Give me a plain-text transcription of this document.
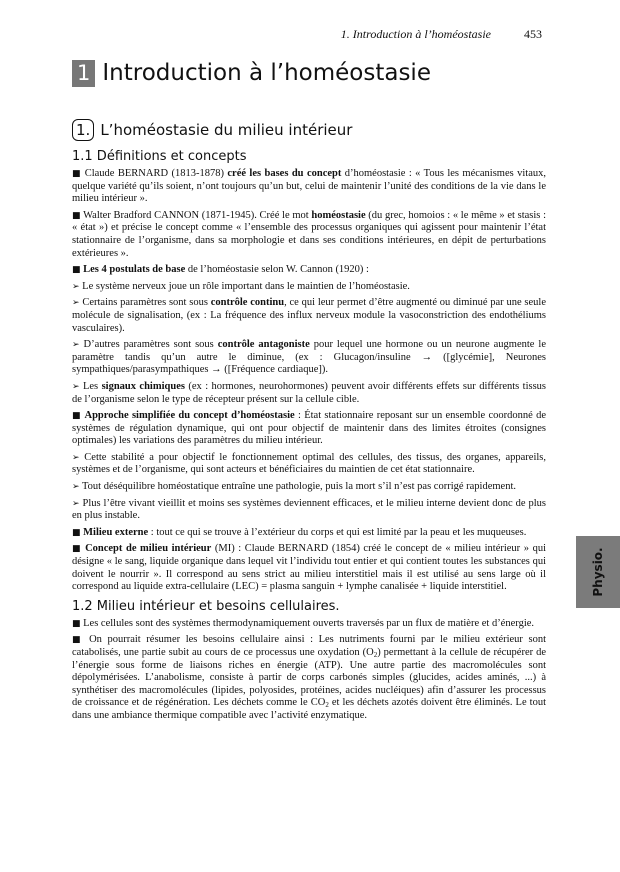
1. Introduction à l’homéostasie	453
1 Introduction à l’homéostasie
1. L’homéostasie du milieu intérieur
1.1 Définitions et concepts

■ Claude BERNARD (1813-1878) créé les bases du concept d’homéostasie : « Tous les mécanismes vitaux, quelque variété qu’ils soient, n’ont toujours qu’un but, celui de maintenir l’unité des conditions de la vie dans le milieu intérieur ».

■ Walter Bradford CANNON (1871-1945). Créé le mot homéostasie (du grec, homoios : « le même » et stasis : « état ») et précise le concept comme « l’ensemble des processus organiques qui agissent pour maintenir l’état stationnaire de l’organisme, dans sa morphologie et dans ses conditions intérieures, en dépit de perturbations extérieures ».

■ Les 4 postulats de base de l’homéostasie selon W. Cannon (1920) :

➢ Le système nerveux joue un rôle important dans le maintien de l’homéostasie.

➢ Certains paramètres sont sous contrôle continu, ce qui leur permet d’être augmenté ou diminué par une seule molécule de signalisation, (ex : La fréquence des influx nerveux module la vasoconstriction des endothéliums vasculaires).

➢ D’autres paramètres sont sous contrôle antagoniste pour lequel une hormone ou un neurone augmente le paramètre tandis qu’un autre le diminue, (ex : Glucagon/insuline → ([glycémie], Neurones sympathiques/parasympathiques → ([Fréquence cardiaque]).

➢ Les signaux chimiques (ex : hormones, neurohormones) peuvent avoir différents effets sur différents tissus de l’organisme selon le type de récepteur présent sur la cellule cible.

■ Approche simplifiée du concept d’homéostasie : État stationnaire reposant sur un ensemble coordonné de systèmes de régulation dynamique, qui ont pour objectif de maintenir dans des limites étroites (consignes optimales) les variations des paramètres du milieu intérieur.

➢ Cette stabilité a pour objectif le fonctionnement optimal des cellules, des tissus, des organes, appareils, systèmes et de l’organisme, qui sont acteurs et bénéficiaires du maintien de cet état stationnaire.

➢ Tout déséquilibre homéostatique entraîne une pathologie, puis la mort s’il n’est pas corrigé rapidement.

➢ Plus l’être vivant vieillit et moins ses systèmes deviennent efficaces, et le milieu interne devient donc de plus en plus instable.

■ Milieu externe : tout ce qui se trouve à l’extérieur du corps et qui est limité par la peau et les muqueuses.

■ Concept de milieu intérieur (MI) : Claude BERNARD (1854) créé le concept de « milieu intérieur » qui désigne « le sang, liquide organique dans lequel vit l’individu tout entier et qui contient toutes les substances qui doivent le nourrir ». Il correspond au sens strict au milieu interstitiel mais il est utilisé au sens large où il correspond au liquide extra-cellulaire (LEC) = plasma sanguin + lymphe canalisée + liquide interstitiel.

1.2 Milieu intérieur et besoins cellulaires.

■ Les cellules sont des systèmes thermodynamiquement ouverts traversés par un flux de matière et d’énergie.

■ On pourrait résumer les besoins cellulaire ainsi : Les nutriments fourni par le milieu extérieur sont catabolisés, une partie subit au cours de ce processus une oxydation $(O_2)$ permettant à la cellule de récupérer de l’énergie sous forme de liaisons riches en énergie (ATP). Une autre partie des macromolécules sont dépolymérisées. L’anabolisme, consiste à partir de corps carbonés simples (glucides, acides aminés, ...) à synthétiser des macromolécules (lipides, polyosides, protéines, acides nucléiques) afin d’assurer les processus de croissance et de régénération. Les déchets comme le $CO_2$ et les déchets azotés doivent être éliminés. Le tout dans une ambiance thermique compatible avec l’activité enzymatique.

Physio.
